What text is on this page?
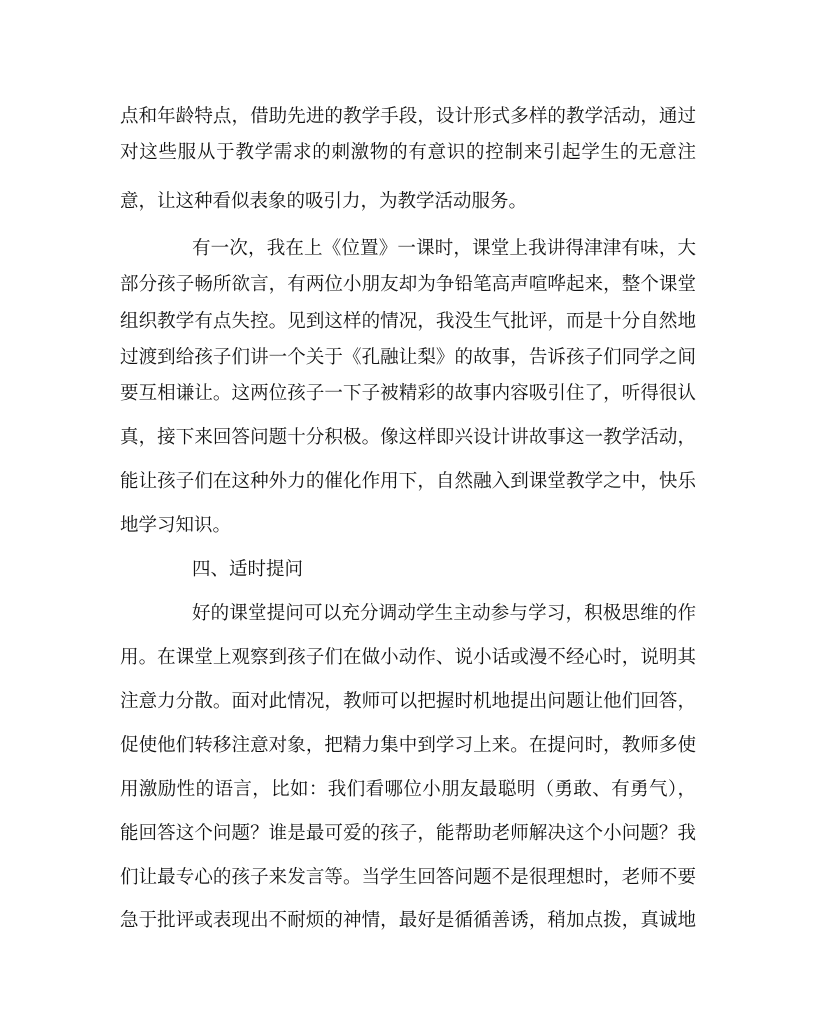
点和年龄特点，借助先进的教学手段，设计形式多样的教学活动，通过
对这些服从于教学需求的刺激物的有意识的控制来引起学生的无意注
意，让这种看似表象的吸引力，为教学活动服务。
有一次，我在上《位置》一课时，课堂上我讲得津津有味，大
部分孩子畅所欲言，有两位小朋友却为争铅笔高声喧哗起来，整个课堂
组织教学有点失控。见到这样的情况，我没生气批评，而是十分自然地
过渡到给孩子们讲一个关于《孔融让梨》的故事，告诉孩子们同学之间
要互相谦让。这两位孩子一下子被精彩的故事内容吸引住了，听得很认
真，接下来回答问题十分积极。像这样即兴设计讲故事这一教学活动，
能让孩子们在这种外力的催化作用下，自然融入到课堂教学之中，快乐
地学习知识。
四、适时提问
好的课堂提问可以充分调动学生主动参与学习，积极思维的作
用。在课堂上观察到孩子们在做小动作、说小话或漫不经心时，说明其
注意力分散。面对此情况，教师可以把握时机地提出问题让他们回答，
促使他们转移注意对象，把精力集中到学习上来。在提问时，教师多使
用激励性的语言，比如：我们看哪位小朋友最聪明（勇敢、有勇气），
能回答这个问题？谁是最可爱的孩子，能帮助老师解决这个小问题？我
们让最专心的孩子来发言等。当学生回答问题不是很理想时，老师不要
急于批评或表现出不耐烦的神情，最好是循循善诱，稍加点拨，真诚地
